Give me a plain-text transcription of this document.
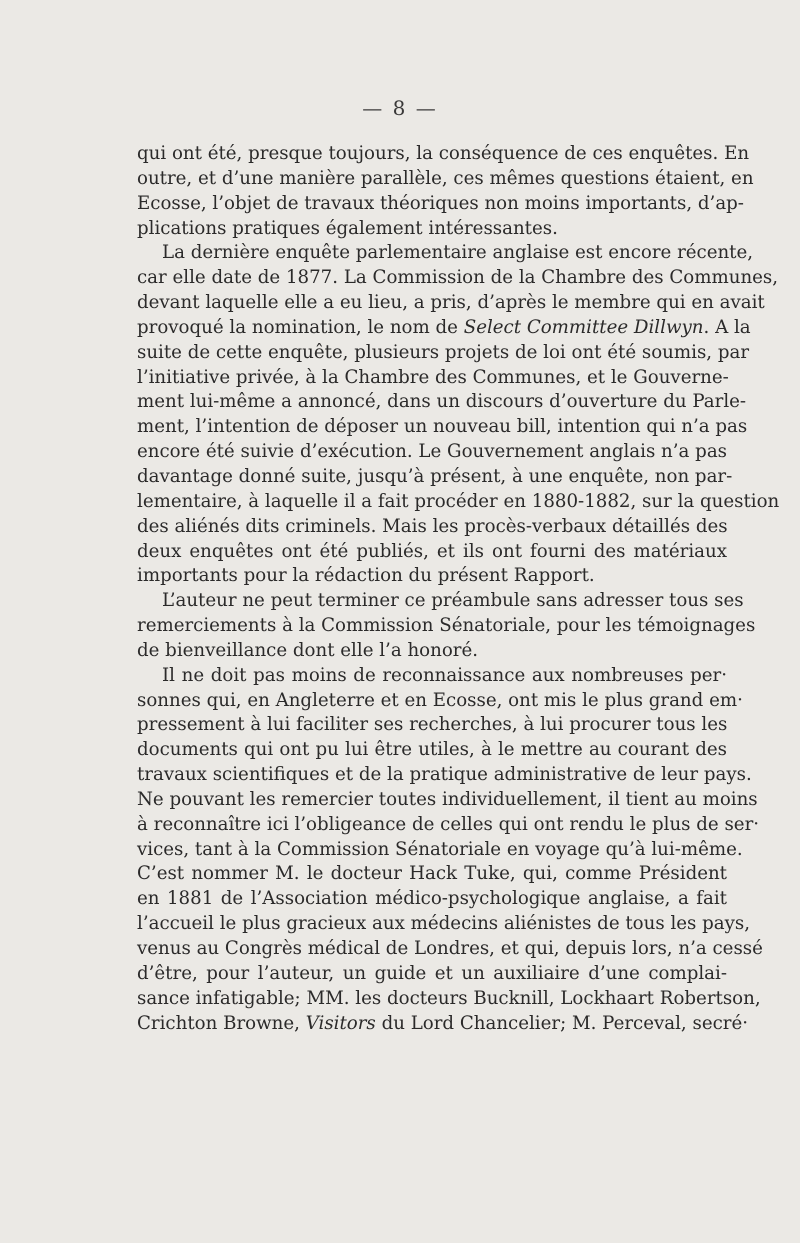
— 8 —
qui ont été, presque toujours, la conséquence de ces enquêtes. En
outre, et d’une manière parallèle, ces mêmes questions étaient, en
Ecosse, l’objet de travaux théoriques non moins importants, d’ap-
plications pratiques également intéressantes.
La dernière enquête parlementaire anglaise est encore récente,
car elle date de 1877. La Commission de la Chambre des Communes,
devant laquelle elle a eu lieu, a pris, d’après le membre qui en avait
provoqué la nomination, le nom de Select Committee Dillwyn. A la
suite de cette enquête, plusieurs projets de loi ont été soumis, par
l’initiative privée, à la Chambre des Communes, et le Gouverne-
ment lui-même a annoncé, dans un discours d’ouverture du Parle-
ment, l’intention de déposer un nouveau bill, intention qui n’a pas
encore été suivie d’exécution. Le Gouvernement anglais n’a pas
davantage donné suite, jusqu’à présent, à une enquête, non par-
lementaire, à laquelle il a fait procéder en 1880-1882, sur la question
des aliénés dits criminels. Mais les procès-verbaux détaillés des
deux enquêtes ont été publiés, et ils ont fourni des matériaux
importants pour la rédaction du présent Rapport.
L’auteur ne peut terminer ce préambule sans adresser tous ses
remerciements à la Commission Sénatoriale, pour les témoignages
de bienveillance dont elle l’a honoré.
Il ne doit pas moins de reconnaissance aux nombreuses per·
sonnes qui, en Angleterre et en Ecosse, ont mis le plus grand em·
pressement à lui faciliter ses recherches, à lui procurer tous les
documents qui ont pu lui être utiles, à le mettre au courant des
travaux scientifiques et de la pratique administrative de leur pays.
Ne pouvant les remercier toutes individuellement, il tient au moins
à reconnaître ici l’obligeance de celles qui ont rendu le plus de ser·
vices, tant à la Commission Sénatoriale en voyage qu’à lui-même.
C’est nommer M. le docteur Hack Tuke, qui, comme Président
en 1881 de l’Association médico-psychologique anglaise, a fait
l’accueil le plus gracieux aux médecins aliénistes de tous les pays,
venus au Congrès médical de Londres, et qui, depuis lors, n’a cessé
d’être, pour l’auteur, un guide et un auxiliaire d’une complai-
sance infatigable; MM. les docteurs Bucknill, Lockhaart Robertson,
Crichton Browne, Visitors du Lord Chancelier; M. Perceval, secré·
